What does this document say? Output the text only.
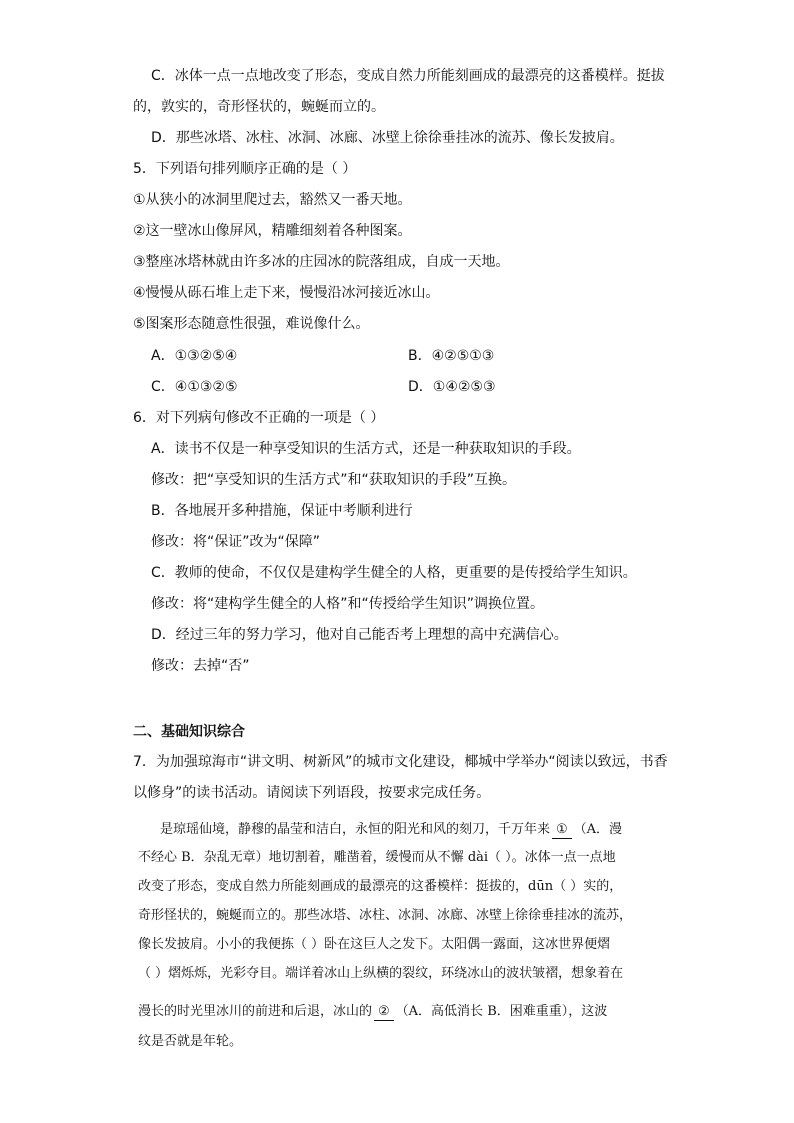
C．冰体一点一点地改变了形态，变成自然力所能刻画成的最漂亮的这番模样。挺拔
的，敦实的，奇形怪状的，蜿蜒而立的。
D．那些冰塔、冰柱、冰洞、冰廊、冰壁上徐徐垂挂冰的流苏、像长发披肩。
5．下列语句排列顺序正确的是（ ）
①从狭小的冰洞里爬过去，豁然又一番天地。
②这一壁冰山像屏风，精雕细刻着各种图案。
③整座冰塔林就由许多冰的庄园冰的院落组成，自成一天地。
④慢慢从砾石堆上走下来，慢慢沿冰河接近冰山。
⑤图案形态随意性很强，难说像什么。
A．①③②⑤④	B．④②⑤①③
C．④①③②⑤	D．①④②⑤③
6．对下列病句修改不正确的一项是（ ）
A．读书不仅是一种享受知识的生活方式，还是一种获取知识的手段。
修改：把“享受知识的生活方式”和“获取知识的手段”互换。
B．各地展开多种措施，保证中考顺利进行
修改：将“保证”改为“保障”
C．教师的使命，不仅仅是建构学生健全的人格，更重要的是传授给学生知识。
修改：将“建构学生健全的人格”和“传授给学生知识”调换位置。
D．经过三年的努力学习，他对自己能否考上理想的高中充满信心。
修改：去掉“否”
二、基础知识综合
7．为加强琼海市“讲文明、树新风”的城市文化建设，椰城中学举办“阅读以致远，书香
以修身”的读书活动。请阅读下列语段，按要求完成任务。
是琼瑶仙境，静穆的晶莹和洁白，永恒的阳光和风的刻刀，千万年来 ① （A．漫
不经心 B．杂乱无章）地切割着，雕凿着，缓慢而从不懈 dài（ ）。冰体一点一点地
改变了形态，变成自然力所能刻画成的最漂亮的这番模样：挺拔的，dūn（ ）实的，
奇形怪状的，蜿蜒而立的。那些冰塔、冰柱、冰洞、冰廊、冰壁上徐徐垂挂冰的流苏，
像长发披肩。小小的我便拣（ ）卧在这巨人之发下。太阳偶一露面，这冰世界便熠
（ ）熠烁烁，光彩夺目。端详着冰山上纵横的裂纹，环绕冰山的波状皱褶，想象着在
漫长的时光里冰川的前进和后退，冰山的 ② （A．高低消长 B．困难重重），这波
纹是否就是年轮。
